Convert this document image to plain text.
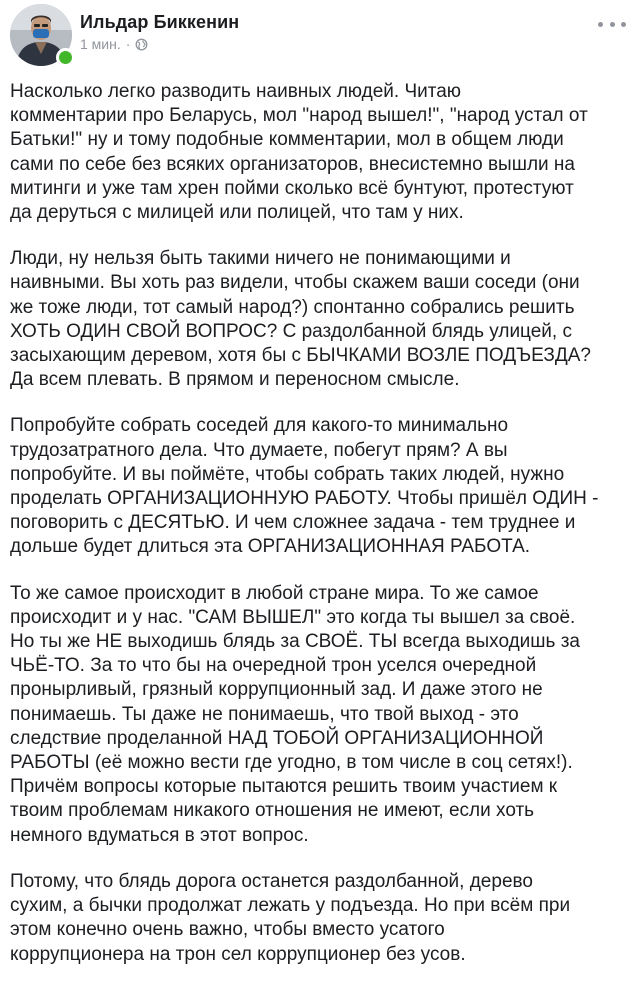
Ильдар Биккенин
1 мин. ·

Насколько легко разводить наивных людей. Читаю
комментарии про Беларусь, мол "народ вышел!", "народ устал от
Батьки!" ну и тому подобные комментарии, мол в общем люди
сами по себе без всяких организаторов, внесистемно вышли на
митинги и уже там хрен пойми сколько всё бунтуют, протестуют
да деруться с милицей или полицей, что там у них.

Люди, ну нельзя быть такими ничего не понимающими и
наивными. Вы хоть раз видели, чтобы скажем ваши соседи (они
же тоже люди, тот самый народ?) спонтанно собрались решить
ХОТЬ ОДИН СВОЙ ВОПРОС? С раздолбанной блядь улицей, с
засыхающим деревом, хотя бы с БЫЧКАМИ ВОЗЛЕ ПОДЪЕЗДА?
Да всем плевать. В прямом и переносном смысле.

Попробуйте собрать соседей для какого-то минимально
трудозатратного дела. Что думаете, побегут прям? А вы
попробуйте. И вы поймёте, чтобы собрать таких людей, нужно
проделать ОРГАНИЗАЦИОННУЮ РАБОТУ. Чтобы пришёл ОДИН -
поговорить с ДЕСЯТЬЮ. И чем сложнее задача - тем труднее и
дольше будет длиться эта ОРГАНИЗАЦИОННАЯ РАБОТА.

То же самое происходит в любой стране мира. То же самое
происходит и у нас. "САМ ВЫШЕЛ" это когда ты вышел за своё.
Но ты же НЕ выходишь блядь за СВОЁ. ТЫ всегда выходишь за
ЧЬЁ-ТО. За то что бы на очередной трон уселся очередной
пронырливый, грязный коррупционный зад. И даже этого не
понимаешь. Ты даже не понимаешь, что твой выход - это
следствие проделанной НАД ТОБОЙ ОРГАНИЗАЦИОННОЙ
РАБОТЫ (её можно вести где угодно, в том числе в соц сетях!).
Причём вопросы которые пытаются решить твоим участием к
твоим проблемам никакого отношения не имеют, если хоть
немного вдуматься в этот вопрос.

Потому, что блядь дорога останется раздолбанной, дерево
сухим, а бычки продолжат лежать у подъезда. Но при всём при
этом конечно очень важно, чтобы вместо усатого
коррупционера на трон сел коррупционер без усов.
